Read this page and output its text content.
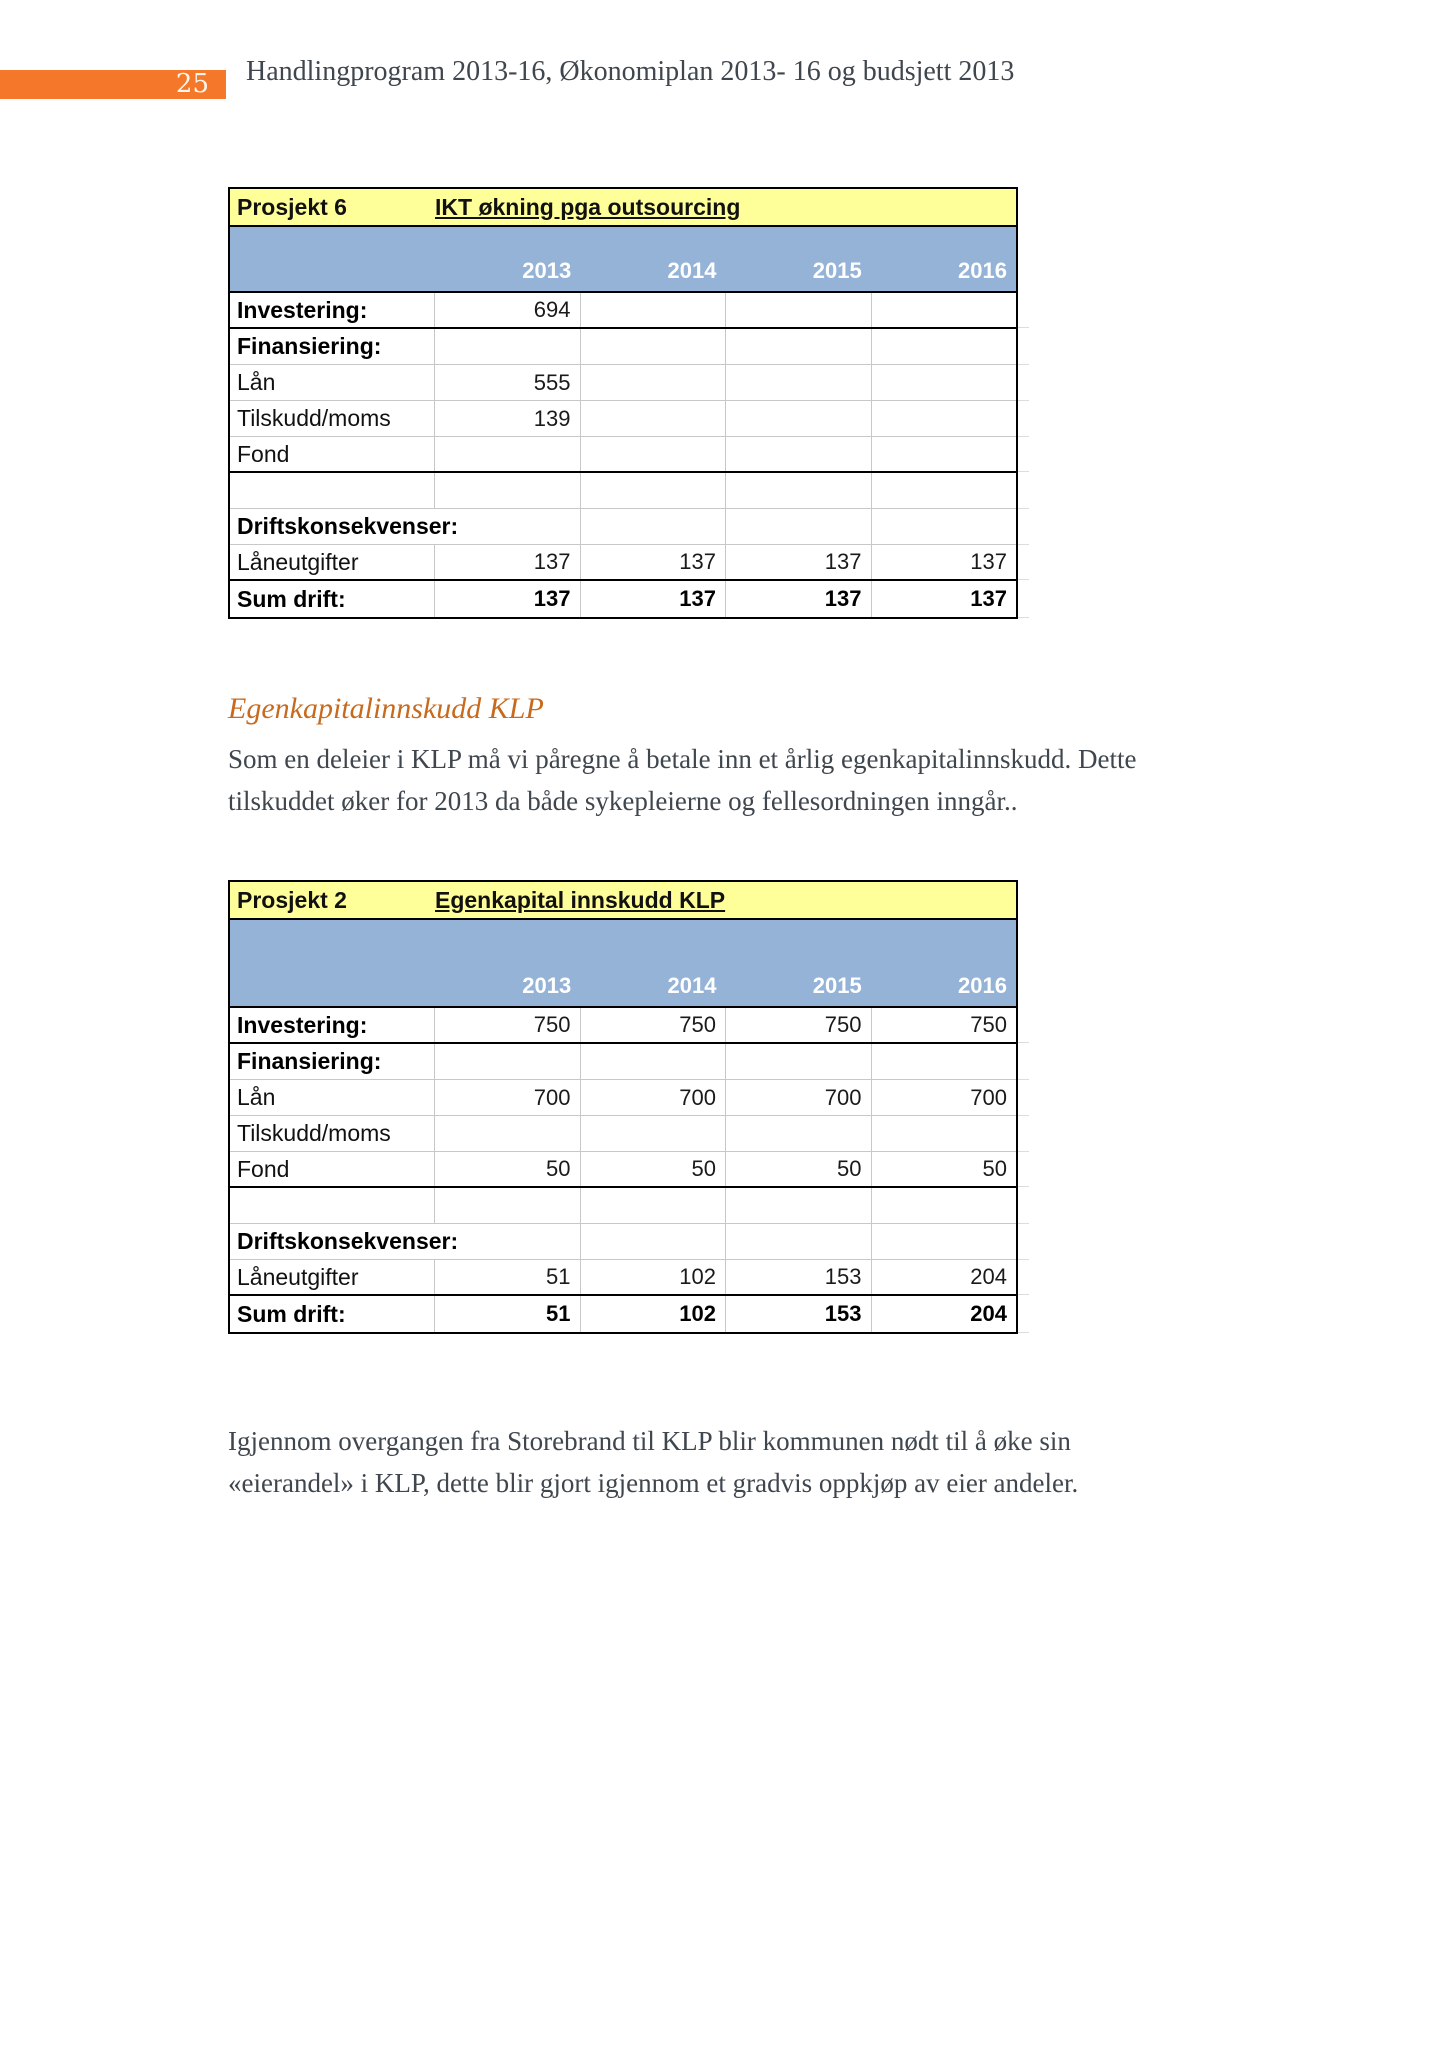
25	Handlingprogram 2013-16, Økonomiplan 2013- 16 og budsjett 2013
Prosjekt 6	IKT økning pga outsourcing
2013	2014	2015	2016
Investering:	694
Finansiering:
Lån	555
Tilskudd/moms	139
Fond
Driftskonsekvenser:
Låneutgifter	137	137	137	137
Sum drift:	137	137	137	137
Egenkapitalinnskudd KLP
Som en deleier i KLP må vi påregne å betale inn et årlig egenkapitalinnskudd. Dette
tilskuddet øker for 2013 da både sykepleierne og fellesordningen inngår..
Prosjekt 2	Egenkapital innskudd KLP
2013	2014	2015	2016
Investering:	750	750	750	750
Finansiering:
Lån	700	700	700	700
Tilskudd/moms
Fond	50	50	50	50
Driftskonsekvenser:
Låneutgifter	51	102	153	204
Sum drift:	51	102	153	204
Igjennom overgangen fra Storebrand til KLP blir kommunen nødt til å øke sin
«eierandel» i KLP, dette blir gjort igjennom et gradvis oppkjøp av eier andeler.
